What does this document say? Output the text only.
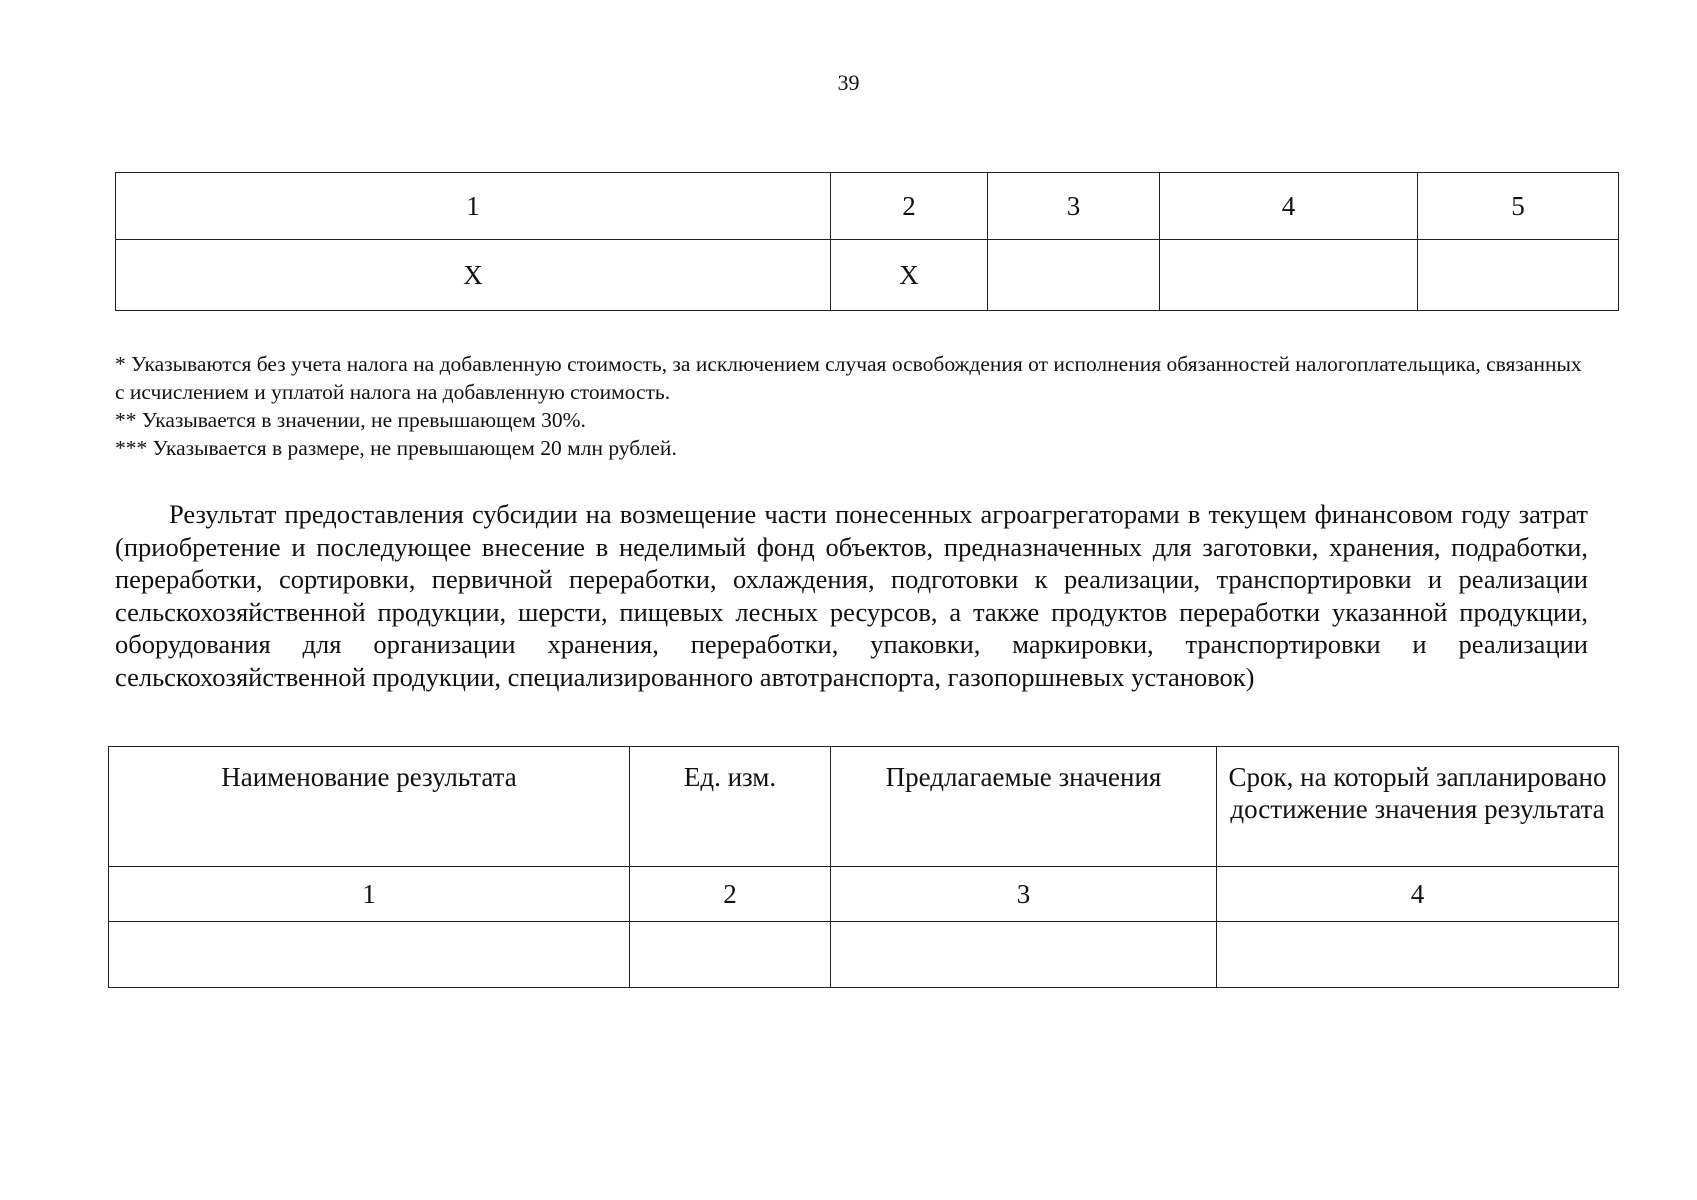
39
1	2	3	4	5
Х	Х			

* Указываются без учета налога на добавленную стоимость, за исключением случая освобождения от исполнения обязанностей налогоплательщика, связанных с исчислением и уплатой налога на добавленную стоимость.

** Указывается в значении, не превышающем 30%.

*** Указывается в размере, не превышающем 20 млн рублей.

Результат предоставления субсидии на возмещение части понесенных агроагрегаторами в текущем финансовом году затрат (приобретение и последующее внесение в неделимый фонд объектов, предназначенных для заготовки, хранения, подработки, переработки, сортировки, первичной переработки, охлаждения, подготовки к реализации, транспортировки и реализации сельскохозяйственной продукции, шерсти, пищевых лесных ресурсов, а также продуктов переработки указанной продукции, оборудования для организации хранения, переработки, упаковки, маркировки, транспортировки и реализации сельскохозяйственной продукции, специализированного автотранспорта, газопоршневых установок)

Наименование результата	Ед. изм.	Предлагаемые значения	Срок, на который запланировано достижение значения результата
1	2	3	4
